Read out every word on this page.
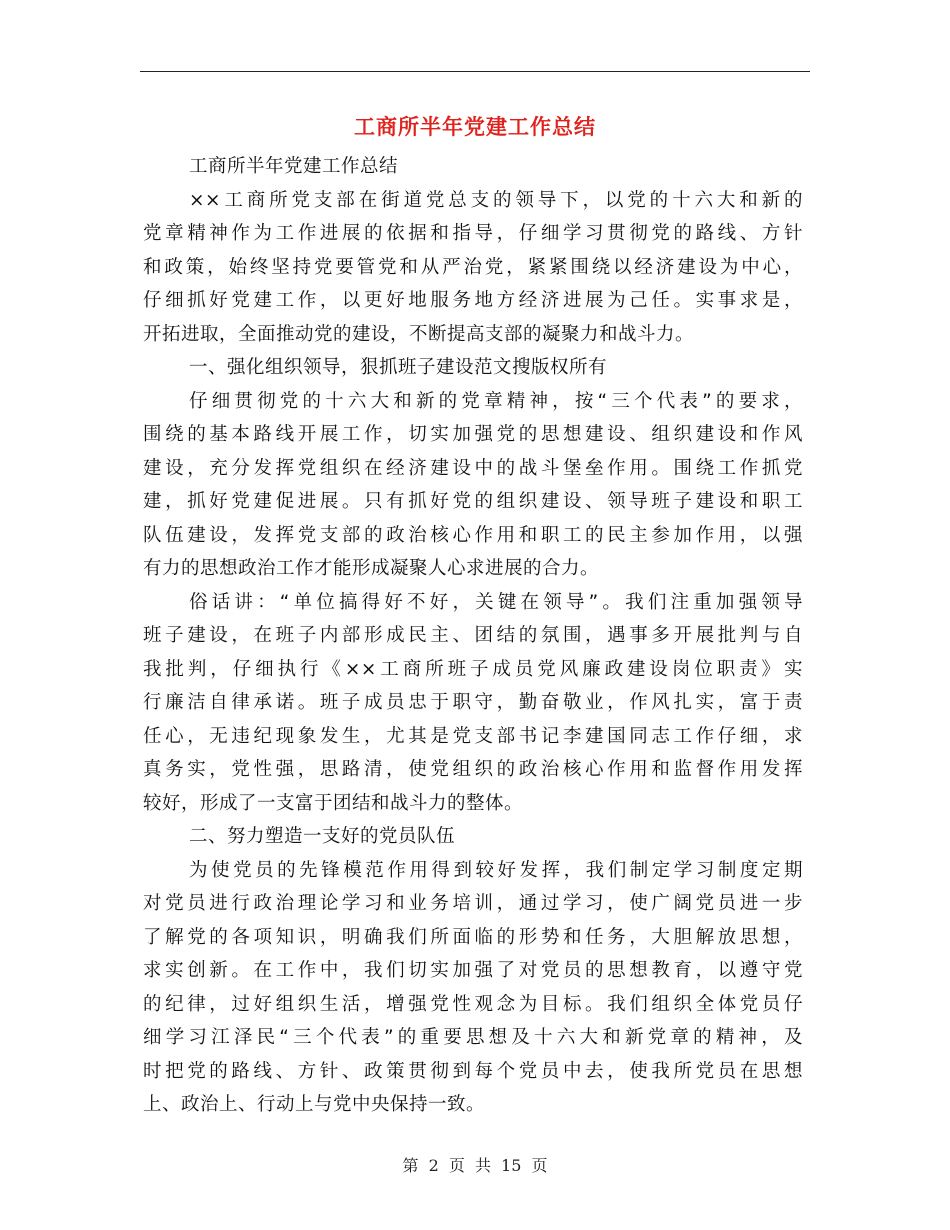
工商所半年党建工作总结
工商所半年党建工作总结
××工商所党支部在街道党总支的领导下，以党的十六大和新的
党章精神作为工作进展的依据和指导，仔细学习贯彻党的路线、方针
和政策，始终坚持党要管党和从严治党，紧紧围绕以经济建设为中心，
仔细抓好党建工作，以更好地服务地方经济进展为己任。实事求是，
开拓进取，全面推动党的建设，不断提高支部的凝聚力和战斗力。
一、强化组织领导，狠抓班子建设范文搜版权所有
仔细贯彻党的十六大和新的党章精神，按“三个代表”的要求，
围绕的基本路线开展工作，切实加强党的思想建设、组织建设和作风
建设，充分发挥党组织在经济建设中的战斗堡垒作用。围绕工作抓党
建，抓好党建促进展。只有抓好党的组织建设、领导班子建设和职工
队伍建设，发挥党支部的政治核心作用和职工的民主参加作用，以强
有力的思想政治工作才能形成凝聚人心求进展的合力。
俗话讲：“单位搞得好不好，关键在领导”。我们注重加强领导
班子建设，在班子内部形成民主、团结的氛围，遇事多开展批判与自
我批判，仔细执行《××工商所班子成员党风廉政建设岗位职责》实
行廉洁自律承诺。班子成员忠于职守，勤奋敬业，作风扎实，富于责
任心，无违纪现象发生，尤其是党支部书记李建国同志工作仔细，求
真务实，党性强，思路清，使党组织的政治核心作用和监督作用发挥
较好，形成了一支富于团结和战斗力的整体。
二、努力塑造一支好的党员队伍
为使党员的先锋模范作用得到较好发挥，我们制定学习制度定期
对党员进行政治理论学习和业务培训，通过学习，使广阔党员进一步
了解党的各项知识，明确我们所面临的形势和任务，大胆解放思想，
求实创新。在工作中，我们切实加强了对党员的思想教育，以遵守党
的纪律，过好组织生活，增强党性观念为目标。我们组织全体党员仔
细学习江泽民“三个代表”的重要思想及十六大和新党章的精神，及
时把党的路线、方针、政策贯彻到每个党员中去，使我所党员在思想
上、政治上、行动上与党中央保持一致。
第 2 页 共 15 页
